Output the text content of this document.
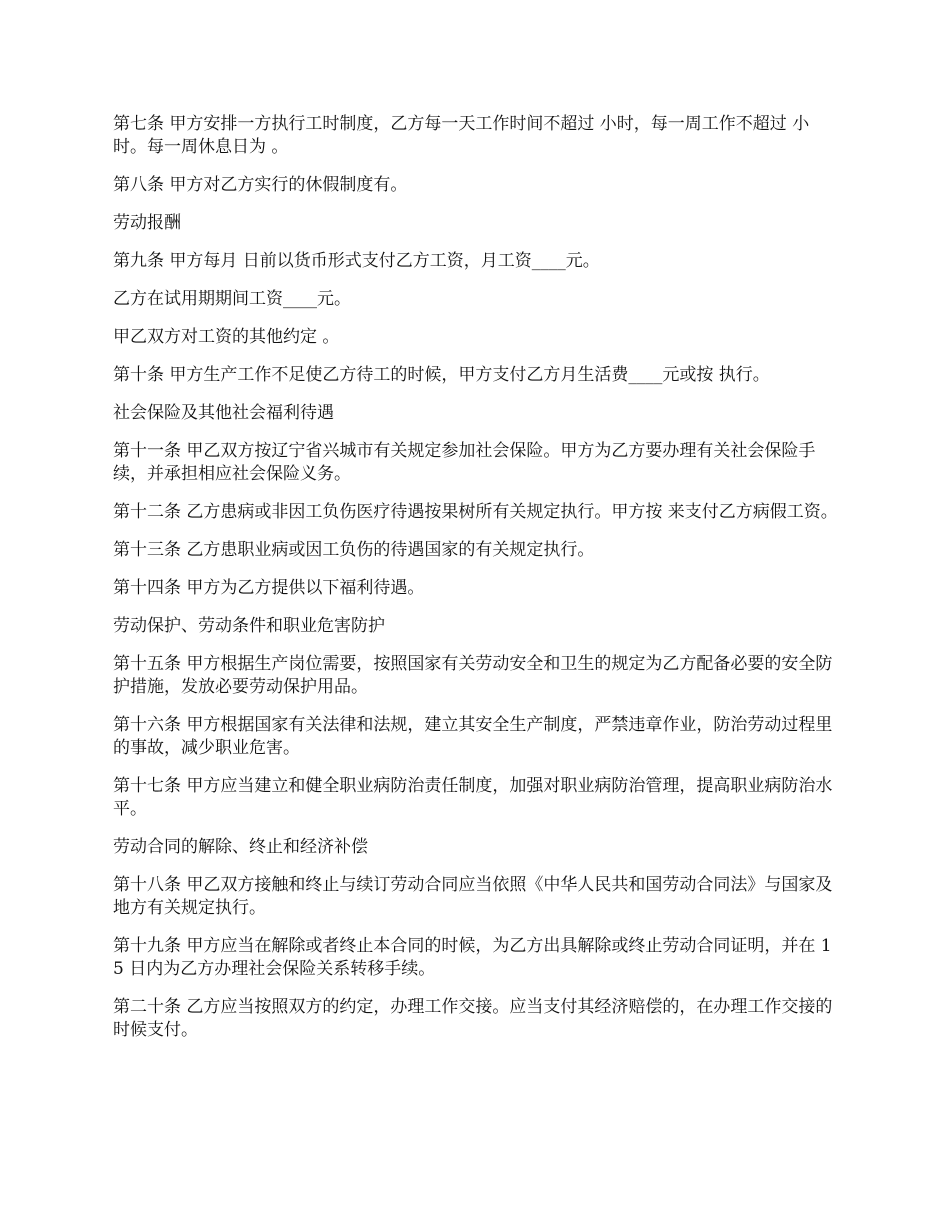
第七条 甲方安排一方执行工时制度，乙方每一天工作时间不超过 小时，每一周工作不超过 小时。每一周休息日为 。

第八条 甲方对乙方实行的休假制度有。

劳动报酬

第九条 甲方每月 日前以货币形式支付乙方工资，月工资____元。

乙方在试用期期间工资____元。

甲乙双方对工资的其他约定 。

第十条 甲方生产工作不足使乙方待工的时候，甲方支付乙方月生活费____元或按 执行。

社会保险及其他社会福利待遇

第十一条 甲乙双方按辽宁省兴城市有关规定参加社会保险。甲方为乙方要办理有关社会保险手续，并承担相应社会保险义务。

第十二条 乙方患病或非因工负伤医疗待遇按果树所有关规定执行。甲方按 来支付乙方病假工资。

第十三条 乙方患职业病或因工负伤的待遇国家的有关规定执行。

第十四条 甲方为乙方提供以下福利待遇。

劳动保护、劳动条件和职业危害防护

第十五条 甲方根据生产岗位需要，按照国家有关劳动安全和卫生的规定为乙方配备必要的安全防护措施，发放必要劳动保护用品。

第十六条 甲方根据国家有关法律和法规，建立其安全生产制度，严禁违章作业，防治劳动过程里的事故，减少职业危害。

第十七条 甲方应当建立和健全职业病防治责任制度，加强对职业病防治管理，提高职业病防治水平。

劳动合同的解除、终止和经济补偿

第十八条 甲乙双方接触和终止与续订劳动合同应当依照《中华人民共和国劳动合同法》与国家及地方有关规定执行。

第十九条 甲方应当在解除或者终止本合同的时候，为乙方出具解除或终止劳动合同证明，并在 15 日内为乙方办理社会保险关系转移手续。

第二十条 乙方应当按照双方的约定，办理工作交接。应当支付其经济赔偿的，在办理工作交接的时候支付。
